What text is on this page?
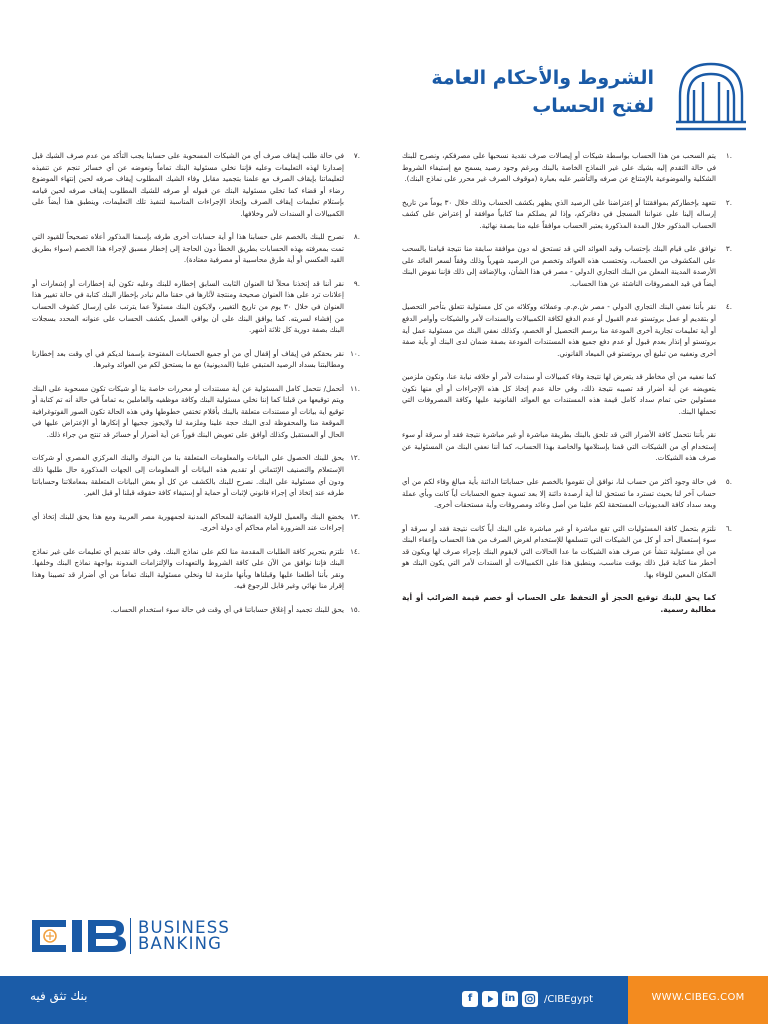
الشروط والأحكام العامة
لفتح الحساب
١.
يتم السحب من هذا الحساب بواسطة شيكات أو إيصالات صرف نقدية نسحبها على مصرفكم، ونصرح للبنك في حالة التقدم إليه بشيك على غير النماذج الخاصة بالبنك وبرغم وجود رصيد يسمح مع إستيفاء الشروط الشكلية والموضوعية بالإمتناع عن صرفه والتأشير عليه بعبارة (موقوف الصرف غير محرر على نماذج البنك).
٢.
نتعهد بإخطاركم بموافقتنا أو إعتراضنا على الرصيد الذي يظهر بكشف الحساب وذلك خلال ٣٠ يوماً من تاريخ إرساله إلينا على عنواننا المسجل في دفاتركم، وإذا لم يصلكم منا كتابياً موافقة أو إعتراض على كشف الحساب المذكور خلال المدة المذكورة يعتبر الحساب موافقاً عليه منا بصفة نهائية.
٣.
نوافق على قيام البنك بإحتساب وقيد العوائد التي قد تستحق له دون موافقة سابقة منا نتيجة قيامنا بالسحب على المكشوف من الحساب، وتحتسب هذه العوائد وتخصم من الرصيد شهرياً وذلك وفقاً لسعر العائد على الأرصدة المدينة المعلن من البنك التجاري الدولي - مصر في هذا الشأن، وبالإضافة إلى ذلك فإننا نفوض البنك أيضاً في قيد المصروفات الناشئة عن هذا الحساب.
٤.
نقر بأننا نعفي البنك التجاري الدولي - مصر ش.م.م. وعملائه ووكلائه من كل مسئولية تتعلق بتأخير التحصيل أو بتقديم أو عمل بروتستو عدم القبول أو عدم الدفع لكافة الكمبيالات والسندات لأمر والشيكات وأوامر الدفع أو أية تعليمات تجارية أخرى المودعة منا برسم التحصيل أو الخصم، وكذلك نعفي البنك من مسئولية عمل أية بروتستو أو إنذار بعدم قبول أو عدم دفع جميع هذه المستندات المودعة بصفة ضمان لدى البنك أو بأية صفة أخرى ونعفيه من تبليغ أي بروتستو في الميعاد القانوني.
كما نعفيه من أي مخاطر قد يتعرض لها نتيجة وفاء كمبيالات أو سندات لأمر أو خلافه نيابة عنا، ونكون ملزمين بتعويضه عن أية أضرار قد تصيبه نتيجة ذلك، وفي حالة عدم إتخاذ كل هذه الإجراءات أو أي منها نكون مسئولين حتى تمام سداد كامل قيمة هذه المستندات مع العوائد القانونية عليها وكافة المصروفات التي تحملها البنك.
نقر بأننا نتحمل كافة الأضرار التي قد تلحق بالبنك بطريقة مباشرة أو غير مباشرة نتيجة فقد أو سرقة أو سوء إستخدام أي من الشيكات التي قمنا بإستلامها والخاصة بهذا الحساب، كما أننا نعفي البنك من المسئولية عن صرف هذه الشيكات.
٥.
في حالة وجود أكثر من حساب لنا، نوافق أن تقوموا بالخصم على حساباتنا الدائنة بأية مبالغ وفاء لكم من أي حساب آخر لنا بحيث تسترد ما تستحق لنا أية أرصدة دائنة إلا بعد تسوية جميع الحسابات أياً كانت وبأي عملة وبعد سداد كافة المديونيات المستحقة لكم علينا من أصل وعائد ومصروفات وأية مستحقات أخرى.
٦.
نلتزم بتحمل كافة المسئوليات التي تقع مباشرة أو غير مباشرة على البنك أياً كانت نتيجة فقد أو سرقة أو سوء إستعمال أحد أو كل من الشيكات التي تتسلمها للإستخدام لغرض الصرف من هذا الحساب وإعفاء البنك من أي مسئولية تنشأ عن صرف هذه الشيكات ما عدا الحالات التي لايقوم البنك بإجراء صرف لها ويكون قد أخطر منا كتابة قبل ذلك بوقت مناسب، وينطبق هذا على الكمبيالات أو السندات لأمر التي يكون البنك هو المكان المعين للوفاء بها.
كما يحق للبنك توقيع الحجز أو التحفظ على الحساب أو خصم قيمة الضرائب أو أية مطالبة رسمية.
٧.
في حالة طلب إيقاف صرف أي من الشيكات المسحوبة على حسابنا يجب التأكد من عدم صرف الشيك قبل إصدارنا لهذه التعليمات وعليه فإننا نخلي مسئولية البنك تماماً ونعوضه عن أي خسائر تنجم عن تنفيذه لتعليماتنا بإيقاف الصرف مع علمنا بتجميد مقابل وفاء الشيك المطلوب إيقاف صرفه لحين إنتهاء الموضوع رضاء أو قضاء كما تخلي مسئولية البنك عن قبوله أو صرفه للشيك المطلوب إيقاف صرفه لحين قيامه بإستلام تعليمات إيقاف الصرف وإتخاذ الإجراءات المناسبة لتنفيذ تلك التعليمات، وينطبق هذا أيضاً على الكمبيالات أو السندات لأمر وخلافها.
٨.
نصرح للبنك بالخصم على حسابنا هذا أو أية حسابات أخرى طرفه بإسمنا المذكور أعلاه تصحيحاً للقيود التي تمت بمعرفته بهذه الحسابات بطريق الخطأ دون الحاجة إلى إخطار مسبق لإجراء هذا الخصم (سواء بطريق القيد العكسي أو أية طرق محاسبية أو مصرفية معتادة).
٩.
نقر أننا قد إتخذنا محلاً لنا العنوان الثابت السابق إخطاره للبنك وعليه تكون أية إخطارات أو إشعارات أو إعلانات ترد على هذا العنوان صحيحة ومنتجة لآثارها في حقنا مالم نبادر بإخطار البنك كتابة في حالة تغيير هذا العنوان في خلال ٣٠ يوم من تاريخ التغيير، ولايكون البنك مسئولاً عما يترتب على إرسال كشوف الحساب من إفشاء لسريته. كما يوافق البنك على أن يوافي العميل بكشف الحساب على عنوانه المحدد بسجلات البنك بصفة دورية كل ثلاثة أشهر.
١٠.
نقر بحقكم في إيقاف أو إقفال أي من أو جميع الحسابات المفتوحة بإسمنا لديكم في أي وقت بعد إخطارنا ومطالبتنا بسداد الرصيد المتبقي علينا (المديونية) مع ما يستحق لكم من العوائد وغيرها.
١١.
أتحمل/ نتحمل كامل المسئولية عن أية مستندات أو محررات خاصة بنا أو شيكات تكون مسحوبة على البنك ويتم توقيعها من قبلنا كما إننا نخلي مسئولية البنك وكافة موظفيه والعاملين به تماماً في حالة أنه تم كتابة أو توقيع أية بيانات أو مستندات متعلقة بالبنك بأقلام تختفي خطوطها وفي هذه الحالة تكون الصور الفوتوغرافية الموقعة منا والمحفوظة لدى البنك حجة علينا وملزمة لنا ولايجوز جحيها أو إنكارها أو الإعتراض عليها في الحال أو المستقبل وكذلك أوافق على تعويض البنك فوراً عن أية أضرار أو خسائر قد تنتج من جراء ذلك.
١٢.
يحق للبنك الحصول على البيانات والمعلومات المتعلقة بنا من البنوك والبنك المركزي المصري أو شركات الإستعلام والتصنيف الإئتماني أو تقديم هذه البيانات أو المعلومات إلى الجهات المذكورة حال طلبها ذلك ودون أي مسئولية على البنك. نصرح للبنك بالكشف عن كل أو بعض البيانات المتعلقة بمعاملاتنا وحساباتنا طرفه عند إتخاذ أي إجراء قانوني لإثبات أو حماية أو إستيفاء كافة حقوقه قبلنا أو قبل الغير.
١٣.
يخضع البنك والعميل للولاية القضائية للمحاكم المدنية لجمهورية مصر العربية ومع هذا يحق للبنك إتخاذ أي إجراءات عند الضرورة أمام محاكم أي دولة أخرى.
١٤.
نلتزم بتحرير كافة الطلبات المقدمة منا لكم على نماذج البنك. وفي حالة تقديم أي تعليمات على غير نماذج البنك فإننا نوافق من الآن على كافة الشروط والتعهدات والإلتزامات المدونة بواجهة نماذج البنك وخلفها. ونقر بأننا أطلعنا عليها وقبلناها وبأنها ملزمة لنا ونخلي مسئولية البنك تماماً من أي أضرار قد تصيبنا وهذا إقرار منا نهائي وغير قابل للرجوع فيه.
١٥.
يحق للبنك تجميد أو إغلاق حساباتنا في أي وقت في حالة سوء استخدام الحساب.
BUSINESS
BANKING
بنك تثق فيه	f	in	/CIBEgypt	WWW.CIBEG.COM
